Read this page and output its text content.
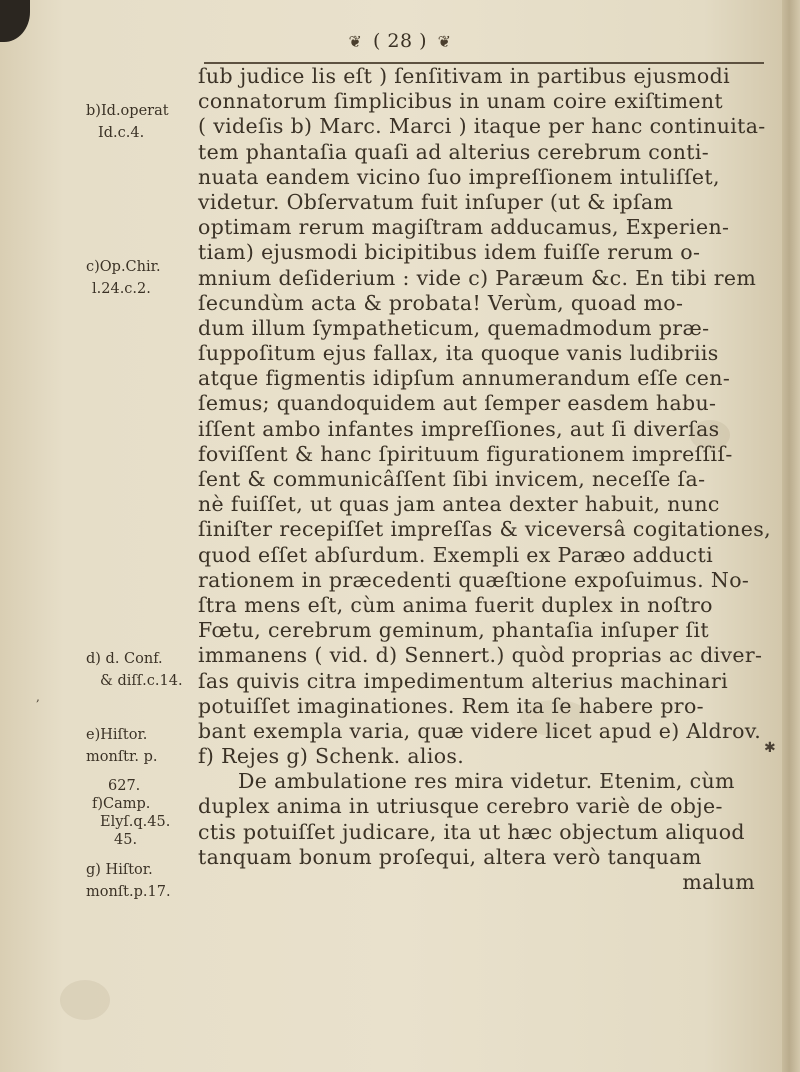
❦ ( 28 ) ❦
ſub judice lis eſt ) ſenſitivam in partibus ejusmodi
connatorum ſimplicibus in unam coire exiſtiment
( videſis b) Marc. Marci ) itaque per hanc continuita-
tem phantaſia quaſi ad alterius cerebrum conti-
nuata eandem vicino ſuo impreſſionem intuliſſet,
videtur. Obſervatum fuit inſuper (ut & ipſam
optimam rerum magiſtram adducamus, Experien-
tiam) ejusmodi bicipitibus idem fuiſſe rerum o-
mnium deſiderium : vide c) Paræum &c. En tibi rem
ſecundùm acta & probata! Verùm, quoad mo-
dum illum ſympatheticum, quemadmodum præ-
ſuppoſitum ejus fallax, ita quoque vanis ludibriis
atque figmentis idipſum annumerandum eſſe cen-
ſemus; quandoquidem aut ſemper easdem habu-
iſſent ambo infantes impreſſiones, aut ſi diverſas
foviſſent & hanc ſpirituum figurationem impreſſiſ-
ſent & communicâſſent ſibi invicem, neceſſe ſa-
nè fuiſſet, ut quas jam antea dexter habuit, nunc
ſiniſter recepiſſet impreſſas & viceversâ cogitationes,
quod eſſet abſurdum. Exempli ex Paræo adducti
rationem in præcedenti quæſtione expoſuimus. No-
ſtra mens eſt, cùm anima fuerit duplex in noſtro
Fœtu, cerebrum geminum, phantaſia inſuper ſit
immanens ( vid. d) Sennert.) quòd proprias ac diver-
ſas quivis citra impedimentum alterius machinari
potuiſſet imaginationes. Rem ita ſe habere pro-
bant exempla varia, quæ videre licet apud e) Aldrov.
f) Rejes g) Schenk. alios.
De ambulatione res mira videtur. Etenim, cùm
duplex anima in utriusque cerebro variè de obje-
ctis potuiſſet judicare, ita ut hæc objectum aliquod
tanquam bonum proſequi, altera verò tanquam
malum
b)Id.operat
Id.c.4.
c)Op.Chir.
l.24.c.2.
d) d. Conf.
& diſſ.c.14.
e)Hiſtor.
monſtr. p.
627.
f)Camp.
Elyſ.q.45.
45.
g) Hiſtor.
monſt.p.17.
,
✱
